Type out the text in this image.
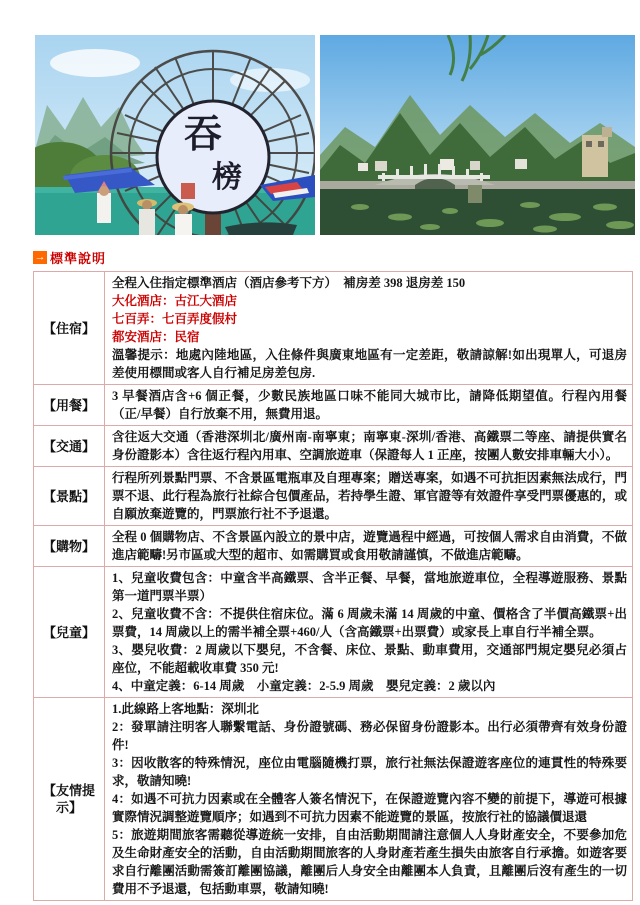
吞
榜
→ 標準說明
【住宿】	全程入住指定標準酒店（酒店參考下方）　補房差 398 退房差 150

大化酒店：古江大酒店

七百弄：七百弄度假村

都安酒店：民宿

溫馨提示：地處內陸地區，入住條件與廣東地區有一定差距，敬請諒解!如出現單人，可退房差使用標間或客人自行補足房差包房.

【用餐】	3 早餐酒店含+6 個正餐，少數民族地區口味不能同大城市比，請降低期望值。行程內用餐（正/早餐）自行放棄不用，無費用退。

【交通】	含往返大交通（香港深圳北/廣州南-南寧東；南寧東-深圳/香港、高鐵票二等座、請提供實名身份證影本）含往返行程內用車、空調旅遊車（保證每人 1 正座，按團人數安排車輛大小）。

【景點】	行程所列景點門票、不含景區電瓶車及自理專案；贈送專案，如遇不可抗拒因素無法成行，門票不退、此行程為旅行社綜合包價產品，若持學生證、軍官證等有效證件享受門票優惠的，或自願放棄遊覽的，門票旅行社不予退還。

【購物】	全程 0 個購物店、不含景區內設立的景中店，遊覽過程中經過，可按個人需求自由消費，不做進店範疇!另市區或大型的超市、如需購買或食用敬請謹慎，不做進店範疇。

【兒童】	1、兒童收費包含：中童含半高鐵票、含半正餐、早餐，當地旅遊車位，全程導遊服務、景點第一道門票半票）

2、兒童收費不含：不提供住宿床位。滿 6 周歲未滿 14 周歲的中童、價格含了半價高鐵票+出票費，14 周歲以上的需半補全票+460/人（含高鐵票+出票費）或家長上車自行半補全票。

3、嬰兒收費：2 周歲以下嬰兒，不含餐、床位、景點、動車費用，交通部門規定嬰兒必須占座位，不能超載收車費 350 元!

4、中童定義：6-14 周歲　小童定義：2-5.9 周歲　嬰兒定義：2 歲以內

【友情提示】	1.此線路上客地點：深圳北

2：發單請注明客人聯繫電話、身份證號碼、務必保留身份證影本。出行必須帶齊有效身份證件!

3：因收散客的特殊情況，座位由電腦隨機打票，旅行社無法保證遊客座位的連貫性的特殊要求，敬請知曉!

4：如遇不可抗力因素或在全體客人簽名情況下，在保證遊覽內容不變的前提下，導遊可根據實際情況調整遊覽順序；如遇到不可抗力因素不能遊覽的景區，按旅行社的協議價退還

5：旅遊期間旅客需聽從導遊統一安排，自由活動期間請注意個人人身財產安全，不要參加危及生命財產安全的活動，自由活動期間旅客的人身財產若產生損失由旅客自行承擔。如遊客要求自行離團活動需簽訂離團協議，離團后人身安全由離團本人負責，且離團后沒有產生的一切費用不予退還，包括動車票，敬請知曉!
